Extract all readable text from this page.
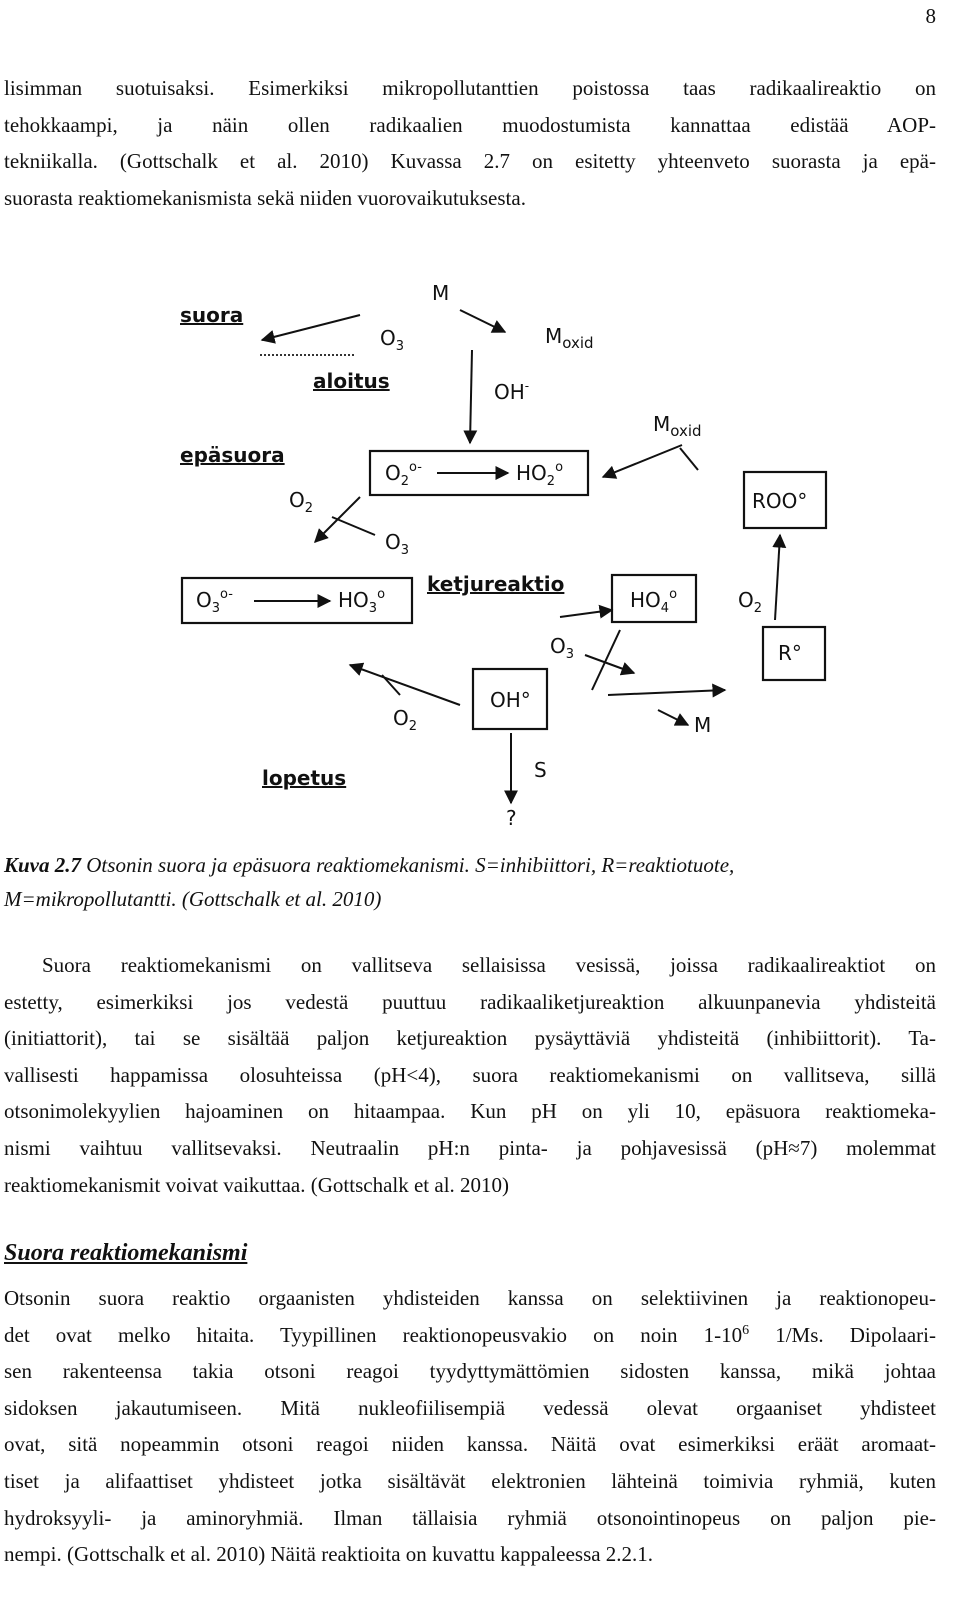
8

lisimman suotuisaksi. Esimerkiksi mikropollutanttien poistossa taas radikaalireaktio on
tehokkaampi, ja näin ollen radikaalien muodostumista kannattaa edistää AOP-
tekniikalla. (Gottschalk et al. 2010) Kuvassa 2.7 on esitetty yhteenveto suorasta ja epä-
suorasta reaktiomekanismista sekä niiden vuorovaikutuksesta.

suora
aloitus
epäsuora
ketjureaktio
lopetus
M
$O_3$	$M_{oxid}$
OH-
$M_{oxid}$
$O_2$
$O_3$
$O_3$
$O_2$
$O_2$	M
S
?
$O_2^{o-}$	$HO_2^o$
$O_3^{o-}$	$HO_3^o$	$HO_4^o$
ROO°
R°
OH°
Kuva 2.7 Otsonin suora ja epäsuora reaktiomekanismi. S=inhibiittori, R=reaktiotuote,
M=mikropollutantti. (Gottschalk et al. 2010)

Suora reaktiomekanismi on vallitseva sellaisissa vesissä, joissa radikaalireaktiot on
estetty, esimerkiksi jos vedestä puuttuu radikaaliketjureaktion alkuunpanevia yhdisteitä
(initiattorit), tai se sisältää paljon ketjureaktion pysäyttäviä yhdisteitä (inhibiittorit). Ta-
vallisesti happamissa olosuhteissa (pH<4), suora reaktiomekanismi on vallitseva, sillä
otsonimolekyylien hajoaminen on hitaampaa. Kun pH on yli 10, epäsuora reaktiomeka-
nismi vaihtuu vallitsevaksi. Neutraalin pH:n pinta- ja pohjavesissä (pH≈7) molemmat
reaktiomekanismit voivat vaikuttaa. (Gottschalk et al. 2010)

Suora reaktiomekanismi

Otsonin suora reaktio orgaanisten yhdisteiden kanssa on selektiivinen ja reaktionopeu-
det ovat melko hitaita. Tyypillinen reaktionopeusvakio on noin $1-10^6$ 1/Ms. Dipolaari-
sen rakenteensa takia otsoni reagoi tyydyttymättömien sidosten kanssa, mikä johtaa
sidoksen jakautumiseen. Mitä nukleofiilisempiä vedessä olevat orgaaniset yhdisteet
ovat, sitä nopeammin otsoni reagoi niiden kanssa. Näitä ovat esimerkiksi eräät aromaat-
tiset ja alifaattiset yhdisteet jotka sisältävät elektronien lähteinä toimivia ryhmiä, kuten
hydroksyyli- ja aminoryhmiä. Ilman tällaisia ryhmiä otsonointinopeus on paljon pie-
nempi. (Gottschalk et al. 2010) Näitä reaktioita on kuvattu kappaleessa 2.2.1.
